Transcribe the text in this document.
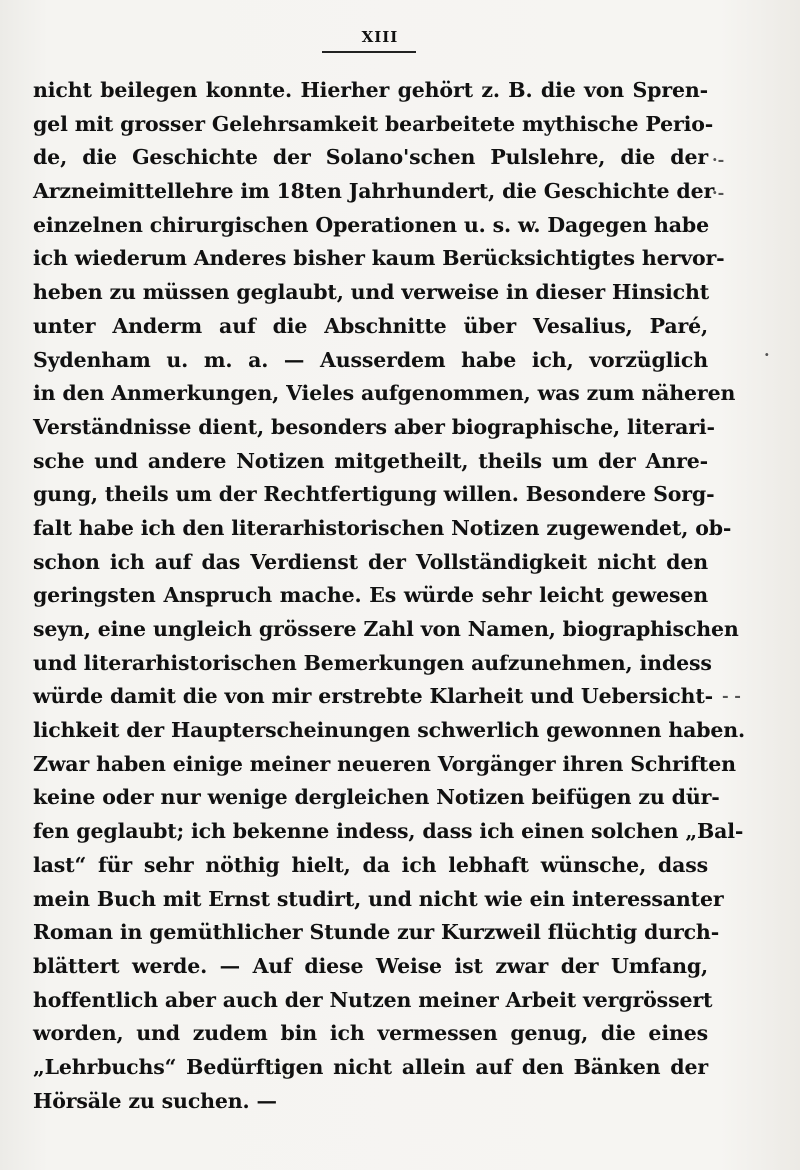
XIII
nicht beilegen konnte. Hierher gehört z. B. die von Spren-
gel mit grosser Gelehrsamkeit bearbeitete mythische Perio-
de, die Geschichte der Solano'schen Pulslehre, die der
Arzneimittellehre im 18ten Jahrhundert, die Geschichte der
einzelnen chirurgischen Operationen u. s. w. Dagegen habe
ich wiederum Anderes bisher kaum Berücksichtigtes hervor-
heben zu müssen geglaubt, und verweise in dieser Hinsicht
unter Anderm auf die Abschnitte über Vesalius, Paré,
Sydenham u. m. a. — Ausserdem habe ich, vorzüglich
in den Anmerkungen, Vieles aufgenommen, was zum näheren
Verständnisse dient, besonders aber biographische, literari-
sche und andere Notizen mitgetheilt, theils um der Anre-
gung, theils um der Rechtfertigung willen. Besondere Sorg-
falt habe ich den literarhistorischen Notizen zugewendet, ob-
schon ich auf das Verdienst der Vollständigkeit nicht den
geringsten Anspruch mache. Es würde sehr leicht gewesen
seyn, eine ungleich grössere Zahl von Namen, biographischen
und literarhistorischen Bemerkungen aufzunehmen, indess
würde damit die von mir erstrebte Klarheit und Uebersicht-
lichkeit der Haupterscheinungen schwerlich gewonnen haben.
Zwar haben einige meiner neueren Vorgänger ihren Schriften
keine oder nur wenige dergleichen Notizen beifügen zu dür-
fen geglaubt; ich bekenne indess, dass ich einen solchen „Bal-
last“ für sehr nöthig hielt, da ich lebhaft wünsche, dass
mein Buch mit Ernst studirt, und nicht wie ein interessanter
Roman in gemüthlicher Stunde zur Kurzweil flüchtig durch-
blättert werde. — Auf diese Weise ist zwar der Umfang,
hoffentlich aber auch der Nutzen meiner Arbeit vergrössert
worden, und zudem bin ich vermessen genug, die eines
„Lehrbuchs“ Bedürftigen nicht allein auf den Bänken der
Hörsäle zu suchen. —
·-
·-
·
- -
